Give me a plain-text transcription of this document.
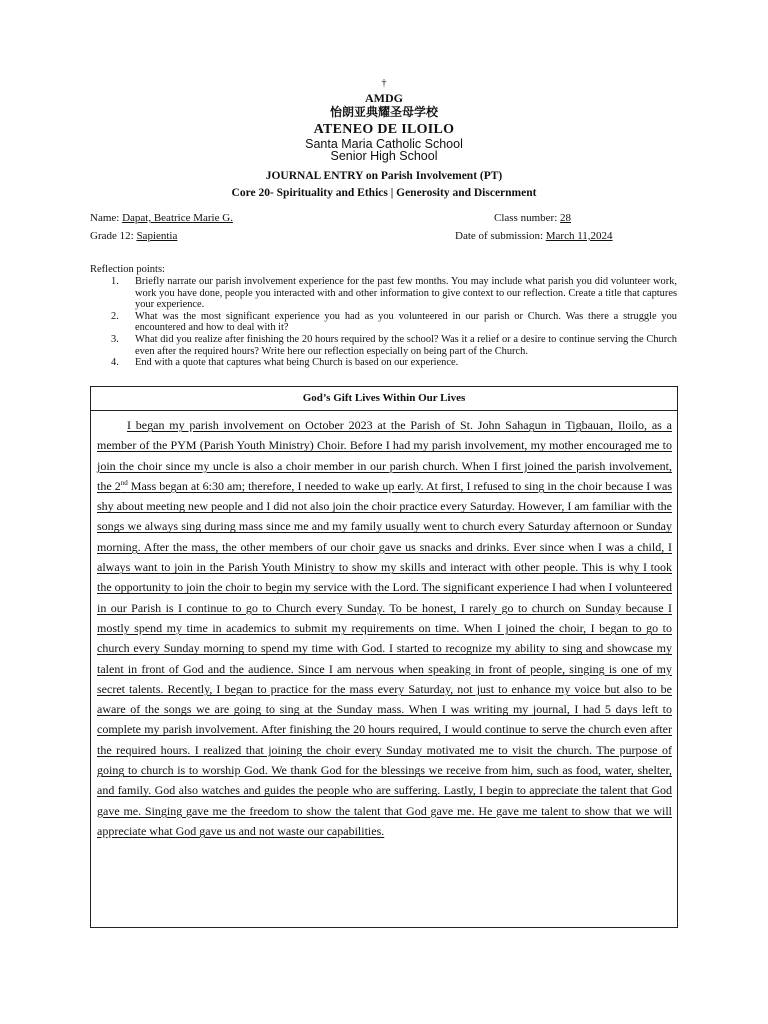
†
AMDG
怡朗亚典耀圣母学校
ATENEO DE ILOILO
Santa Maria Catholic School
Senior High School
JOURNAL ENTRY on Parish Involvement (PT)
Core 20- Spirituality and Ethics | Generosity and Discernment
Name: Dapat, Beatrice Marie G.	Class number: 28
Grade 12: Sapientia	Date of submission: March 11,2024
Reflection points:
1. Briefly narrate our parish involvement experience for the past few months. You may include what parish you did volunteer work, work you have done, people you interacted with and other information to give context to our reflection. Create a title that captures your experience.
2. What was the most significant experience you had as you volunteered in our parish or Church. Was there a struggle you encountered and how to deal with it?
3. What did you realize after finishing the 20 hours required by the school? Was it a relief or a desire to continue serving the Church even after the required hours? Write here our reflection especially on being part of the Church.
4. End with a quote that captures what being Church is based on our experience.
God’s Gift Lives Within Our Lives
I began my parish involvement on October 2023 at the Parish of St. John Sahagun in Tigbauan, Iloilo, as a member of the PYM (Parish Youth Ministry) Choir. Before I had my parish involvement, my mother encouraged me to join the choir since my uncle is also a choir member in our parish church. When I first joined the parish involvement, the 2nd Mass began at 6:30 am; therefore, I needed to wake up early. At first, I refused to sing in the choir because I was shy about meeting new people and I did not also join the choir practice every Saturday. However, I am familiar with the songs we always sing during mass since me and my family usually went to church every Saturday afternoon or Sunday morning. After the mass, the other members of our choir gave us snacks and drinks. Ever since when I was a child, I always want to join in the Parish Youth Ministry to show my skills and interact with other people. This is why I took the opportunity to join the choir to begin my service with the Lord. The significant experience I had when I volunteered in our Parish is I continue to go to Church every Sunday. To be honest, I rarely go to church on Sunday because I mostly spend my time in academics to submit my requirements on time. When I joined the choir, I began to go to church every Sunday morning to spend my time with God. I started to recognize my ability to sing and showcase my talent in front of God and the audience. Since I am nervous when speaking in front of people, singing is one of my secret talents. Recently, I began to practice for the mass every Saturday, not just to enhance my voice but also to be aware of the songs we are going to sing at the Sunday mass. When I was writing my journal, I had 5 days left to complete my parish involvement. After finishing the 20 hours required, I would continue to serve the church even after the required hours. I realized that joining the choir every Sunday motivated me to visit the church. The purpose of going to church is to worship God. We thank God for the blessings we receive from him, such as food, water, shelter, and family. God also watches and guides the people who are suffering. Lastly, I begin to appreciate the talent that God gave me. Singing gave me the freedom to show the talent that God gave me. He gave me talent to show that we will appreciate what God gave us and not waste our capabilities.
